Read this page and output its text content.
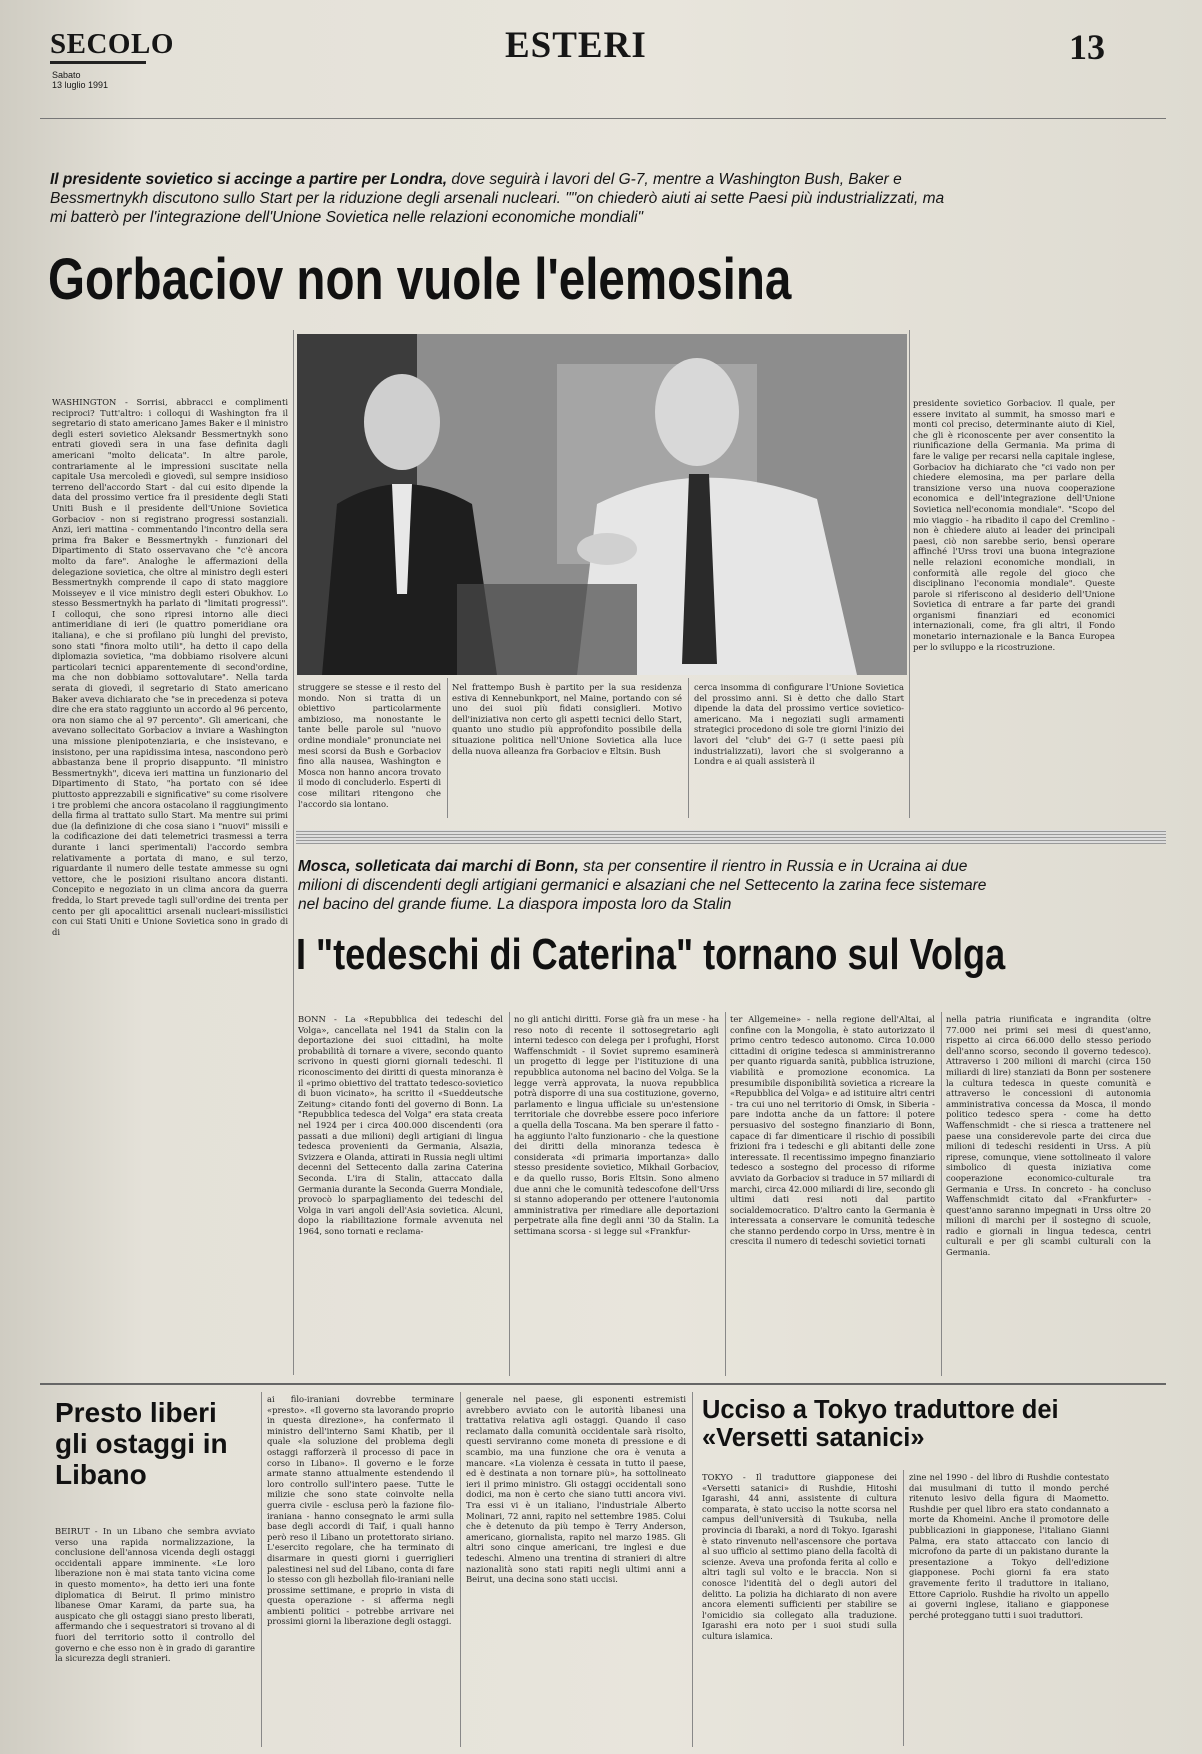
SECOLO
Sabato
13 luglio 1991
ESTERI	13
Il presidente sovietico si accinge a partire per Londra, dove seguirà i lavori del G-7, mentre a Washington Bush, Baker e Bessmertnykh discutono sullo Start per la riduzione degli arsenali nucleari. ""on chiederò aiuti ai sette Paesi più industrializzati, ma mi batterò per l'integrazione dell'Unione Sovietica nelle relazioni economiche mondiali"
Gorbaciov non vuole l'elemosina
WASHINGTON - Sorrisi, abbracci e complimenti reciproci? Tutt'altro: i colloqui di Washington fra il segretario di stato americano James Baker e il ministro degli esteri sovietico Aleksandr Bessmertnykh sono entrati giovedì sera in una fase definita dagli americani "molto delicata". In altre parole, contrariamente al le impressioni suscitate nella capitale Usa mercoledì e giovedì, sul sempre insidioso terreno dell'accordo Start - dal cui esito dipende la data del prossimo vertice fra il presidente degli Stati Uniti Bush e il presidente dell'Unione Sovietica Gorbaciov - non si registrano progressi sostanziali. Anzi, ieri mattina - commentando l'incontro della sera prima fra Baker e Bessmertnykh - funzionari del Dipartimento di Stato osservavano che "c'è ancora molto da fare". Analoghe le affermazioni della delegazione sovietica, che oltre al ministro degli esteri Bessmertnykh comprende il capo di stato maggiore Moisseyev e il vice ministro degli esteri Obukhov. Lo stesso Bessmertnykh ha parlato di "limitati progressi". I colloqui, che sono ripresi intorno alle dieci antimeridiane di ieri (le quattro pomeridiane ora italiana), e che si profilano più lunghi del previsto, sono stati "finora molto utili", ha detto il capo della diplomazia sovietica, "ma dobbiamo risolvere alcuni particolari tecnici apparentemente di second'ordine, ma che non dobbiamo sottovalutare". Nella tarda serata di giovedì, il segretario di Stato americano Baker aveva dichiarato che "se in precedenza si poteva dire che era stato raggiunto un accordo al 96 percento, ora non siamo che al 97 percento". Gli americani, che avevano sollecitato Gorbaciov a inviare a Washington una missione plenipotenziaria, e che insistevano, e insistono, per una rapidissima intesa, nascondono però abbastanza bene il proprio disappunto. "Il ministro Bessmertnykh", diceva ieri mattina un funzionario del Dipartimento di Stato, "ha portato con sé idee piuttosto apprezzabili e significative" su come risolvere i tre problemi che ancora ostacolano il raggiungimento della firma al trattato sullo Start. Ma mentre sui primi due (la definizione di che cosa siano i "nuovi" missili e la codificazione dei dati telemetrici trasmessi a terra durante i lanci sperimentali) l'accordo sembra relativamente a portata di mano, e sul terzo, riguardante il numero delle testate ammesse su ogni vettore, che le posizioni risultano ancora distanti. Concepito e negoziato in un clima ancora da guerra fredda, lo Start prevede tagli sull'ordine dei trenta per cento per gli apocalittici arsenali nucleari-missilistici con cui Stati Uniti e Unione Sovietica sono in grado di di
struggere se stesse e il resto del mondo. Non si tratta di un obiettivo particolarmente ambizioso, ma nonostante le tante belle parole sul "nuovo ordine mondiale" pronunciate nei mesi scorsi da Bush e Gorbaciov fino alla nausea, Washington e Mosca non hanno ancora trovato il modo di concluderlo. Esperti di cose militari ritengono che l'accordo sia lontano.
Nel frattempo Bush è partito per la sua residenza estiva di Kennebunkport, nel Maine, portando con sé uno dei suoi più fidati consiglieri. Motivo dell'iniziativa non certo gli aspetti tecnici dello Start, quanto uno studio più approfondito possibile della situazione politica nell'Unione Sovietica alla luce della nuova alleanza fra Gorbaciov e Eltsin. Bush
cerca insomma di configurare l'Unione Sovietica del prossimo anni. Si è detto che dallo Start dipende la data del prossimo vertice sovietico-americano. Ma i negoziati sugli armamenti strategici procedono di sole tre giorni l'inizio dei lavori del "club" dei G-7 (i sette paesi più industrializzati), lavori che si svolgeranno a Londra e ai quali assisterà il
presidente sovietico Gorbaciov. Il quale, per essere invitato al summit, ha smosso mari e monti col preciso, determinante aiuto di Kiel, che gli è riconoscente per aver consentito la riunificazione della Germania. Ma prima di fare le valige per recarsi nella capitale inglese, Gorbaciov ha dichiarato che "ci vado non per chiedere elemosina, ma per parlare della transizione verso una nuova cooperazione economica e dell'integrazione dell'Unione Sovietica nell'economia mondiale". "Scopo del mio viaggio - ha ribadito il capo del Cremlino - non è chiedere aiuto ai leader dei principali paesi, ciò non sarebbe serio, bensì operare affinché l'Urss trovi una buona integrazione nelle relazioni economiche mondiali, in conformità alle regole del gioco che disciplinano l'economia mondiale". Queste parole si riferiscono al desiderio dell'Unione Sovietica di entrare a far parte dei grandi organismi finanziari ed economici internazionali, come, fra gli altri, il Fondo monetario internazionale e la Banca Europea per lo sviluppo e la ricostruzione.
Mosca, solleticata dai marchi di Bonn, sta per consentire il rientro in Russia e in Ucraina ai due milioni di discendenti degli artigiani germanici e alsaziani che nel Settecento la zarina fece sistemare nel bacino del grande fiume. La diaspora imposta loro da Stalin
I "tedeschi di Caterina" tornano sul Volga
BONN - La «Repubblica dei tedeschi del Volga», cancellata nel 1941 da Stalin con la deportazione dei suoi cittadini, ha molte probabilità di tornare a vivere, secondo quanto scrivono in questi giorni giornali tedeschi. Il riconoscimento dei diritti di questa minoranza è il «primo obiettivo del trattato tedesco-sovietico di buon vicinato», ha scritto il «Sueddeutsche Zeitung» citando fonti del governo di Bonn. La "Repubblica tedesca del Volga" era stata creata nel 1924 per i circa 400.000 discendenti (ora passati a due milioni) degli artigiani di lingua tedesca provenienti da Germania, Alsazia, Svizzera e Olanda, attirati in Russia negli ultimi decenni del Settecento dalla zarina Caterina Seconda. L'ira di Stalin, attaccato dalla Germania durante la Seconda Guerra Mondiale, provocò lo sparpagliamento dei tedeschi del Volga in vari angoli dell'Asia sovietica. Alcuni, dopo la riabilitazione formale avvenuta nel 1964, sono tornati e reclama-
no gli antichi diritti. Forse già fra un mese - ha reso noto di recente il sottosegretario agli interni tedesco con delega per i profughi, Horst Waffenschmidt - il Soviet supremo esaminerà un progetto di legge per l'istituzione di una repubblica autonoma nel bacino del Volga. Se la legge verrà approvata, la nuova repubblica potrà disporre di una sua costituzione, governo, parlamento e lingua ufficiale su un'estensione territoriale che dovrebbe essere poco inferiore a quella della Toscana. Ma ben sperare il fatto - ha aggiunto l'alto funzionario - che la questione dei diritti della minoranza tedesca è considerata «di primaria importanza» dallo stesso presidente sovietico, Mikhail Gorbaciov, e da quello russo, Boris Eltsin. Sono almeno due anni che le comunità tedescofone dell'Urss si stanno adoperando per ottenere l'autonomia amministrativa per rimediare alle deportazioni perpetrate alla fine degli anni '30 da Stalin. La settimana scorsa - si legge sul «Frankfur-
ter Allgemeine» - nella regione dell'Altai, al confine con la Mongolia, è stato autorizzato il primo centro tedesco autonomo. Circa 10.000 cittadini di origine tedesca si amministreranno per quanto riguarda sanità, pubblica istruzione, viabilità e promozione economica. La presumibile disponibilità sovietica a ricreare la «Repubblica del Volga» e ad istituire altri centri - tra cui uno nel territorio di Omsk, in Siberia - pare indotta anche da un fattore: il potere persuasivo del sostegno finanziario di Bonn, capace di far dimenticare il rischio di possibili frizioni fra i tedeschi e gli abitanti delle zone interessate. Il recentissimo impegno finanziario tedesco a sostegno del processo di riforme avviato da Gorbaciov si traduce in 57 miliardi di marchi, circa 42.000 miliardi di lire, secondo gli ultimi dati resi noti dal partito socialdemocratico. D'altro canto la Germania è interessata a conservare le comunità tedesche che stanno perdendo corpo in Urss, mentre è in crescita il numero di tedeschi sovietici tornati
nella patria riunificata e ingrandita (oltre 77.000 nei primi sei mesi di quest'anno, rispetto ai circa 66.000 dello stesso periodo dell'anno scorso, secondo il governo tedesco). Attraverso i 200 milioni di marchi (circa 150 miliardi di lire) stanziati da Bonn per sostenere la cultura tedesca in queste comunità e attraverso le concessioni di autonomia amministrativa concessa da Mosca, il mondo politico tedesco spera - come ha detto Waffenschmidt - che si riesca a trattenere nel paese una considerevole parte dei circa due milioni di tedeschi residenti in Urss. A più riprese, comunque, viene sottolineato il valore simbolico di questa iniziativa come cooperazione economico-culturale tra Germania e Urss. In concreto - ha concluso Waffenschmidt citato dal «Frankfurter» - quest'anno saranno impegnati in Urss oltre 20 milioni di marchi per il sostegno di scuole, radio e giornali in lingua tedesca, centri culturali e per gli scambi culturali con la Germania.
Presto liberi gli ostaggi in Libano
BEIRUT - In un Libano che sembra avviato verso una rapida normalizzazione, la conclusione dell'annosa vicenda degli ostaggi occidentali appare imminente. «Le loro liberazione non è mai stata tanto vicina come in questo momento», ha detto ieri una fonte diplomatica di Beirut. Il primo ministro libanese Omar Karami, da parte sua, ha auspicato che gli ostaggi siano presto liberati, affermando che i sequestratori si trovano al di fuori del territorio sotto il controllo del governo e che esso non è in grado di garantire la sicurezza degli stranieri.
ai filo-iraniani dovrebbe terminare «presto». «Il governo sta lavorando proprio in questa direzione», ha confermato il ministro dell'interno Sami Khatib, per il quale «la soluzione del problema degli ostaggi rafforzerà il processo di pace in corso in Libano». Il governo e le forze armate stanno attualmente estendendo il loro controllo sull'intero paese. Tutte le milizie che sono state coinvolte nella guerra civile - esclusa però la fazione filo-iraniana - hanno consegnato le armi sulla base degli accordi di Taif, i quali hanno però reso il Libano un protettorato siriano. L'esercito regolare, che ha terminato di disarmare in questi giorni i guerriglieri palestinesi nel sud del Libano, conta di fare lo stesso con gli hezbollah filo-iraniani nelle prossime settimane, e proprio in vista di questa operazione - si afferma negli ambienti politici - potrebbe arrivare nei prossimi giorni la liberazione degli ostaggi.
generale nel paese, gli esponenti estremisti avrebbero avviato con le autorità libanesi una trattativa relativa agli ostaggi. Quando il caso reclamato dalla comunità occidentale sarà risolto, questi serviranno come moneta di pressione e di scambio, ma una funzione che ora è venuta a mancare. «La violenza è cessata in tutto il paese, ed è destinata a non tornare più», ha sottolineato ieri il primo ministro. Gli ostaggi occidentali sono dodici, ma non è certo che siano tutti ancora vivi. Tra essi vi è un italiano, l'industriale Alberto Molinari, 72 anni, rapito nel settembre 1985. Colui che è detenuto da più tempo è Terry Anderson, americano, giornalista, rapito nel marzo 1985. Gli altri sono cinque americani, tre inglesi e due tedeschi. Almeno una trentina di stranieri di altre nazionalità sono stati rapiti negli ultimi anni a Beirut, una decina sono stati uccisi.
Ucciso a Tokyo traduttore dei «Versetti satanici»
TOKYO - Il traduttore giapponese dei «Versetti satanici» di Rushdie, Hitoshi Igarashi, 44 anni, assistente di cultura comparata, è stato ucciso la notte scorsa nel campus dell'università di Tsukuba, nella provincia di Ibaraki, a nord di Tokyo. Igarashi è stato rinvenuto nell'ascensore che portava al suo ufficio al settimo piano della facoltà di scienze. Aveva una profonda ferita al collo e altri tagli sul volto e le braccia. Non si conosce l'identità del o degli autori del delitto. La polizia ha dichiarato di non avere ancora elementi sufficienti per stabilire se l'omicidio sia collegato alla traduzione. Igarashi era noto per i suoi studi sulla cultura islamica.
zine nel 1990 - del libro di Rushdie contestato dai musulmani di tutto il mondo perché ritenuto lesivo della figura di Maometto. Rushdie per quel libro era stato condannato a morte da Khomeini. Anche il promotore delle pubblicazioni in giapponese, l'italiano Gianni Palma, era stato attaccato con lancio di microfono da parte di un pakistano durante la presentazione a Tokyo dell'edizione giapponese. Pochi giorni fa era stato gravemente ferito il traduttore in italiano, Ettore Capriolo. Rushdie ha rivolto un appello ai governi inglese, italiano e giapponese perché proteggano tutti i suoi traduttori.
